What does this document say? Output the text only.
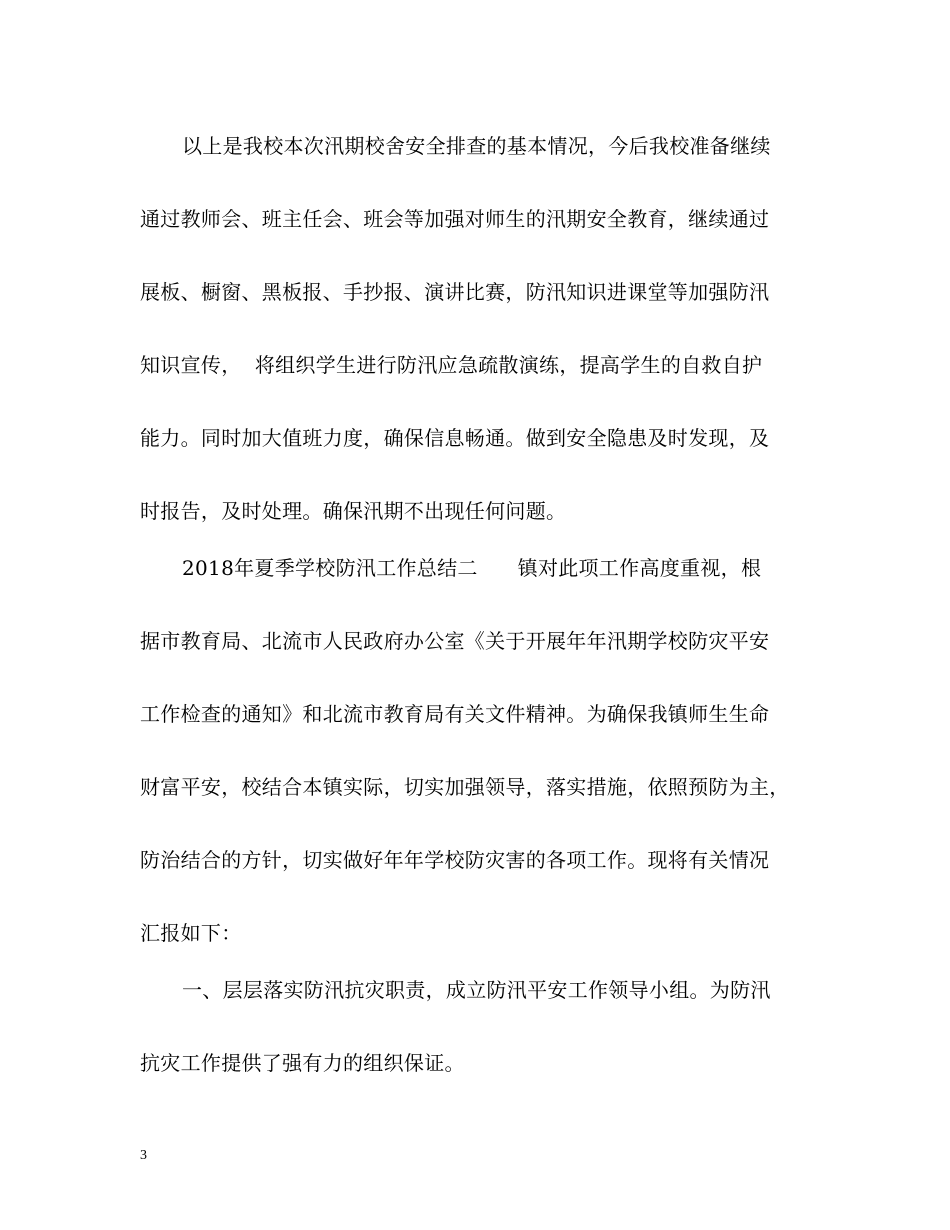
以上是我校本次汛期校舍安全排查的基本情况，今后我校准备继续
通过教师会、班主任会、班会等加强对师生的汛期安全教育，继续通过
展板、橱窗、黑板报、手抄报、演讲比赛，防汛知识进课堂等加强防汛
知识宣传，  将组织学生进行防汛应急疏散演练，提高学生的自救自护
能力。同时加大值班力度，确保信息畅通。做到安全隐患及时发现，及
时报告，及时处理。确保汛期不出现任何问题。
2018年夏季学校防汛工作总结二      镇对此项工作高度重视，根
据市教育局、北流市人民政府办公室《关于开展年年汛期学校防灾平安
工作检查的通知》和北流市教育局有关文件精神。为确保我镇师生生命
财富平安，校结合本镇实际，切实加强领导，落实措施，依照预防为主，
防治结合的方针，切实做好年年学校防灾害的各项工作。现将有关情况
汇报如下：
一、层层落实防汛抗灾职责，成立防汛平安工作领导小组。为防汛
抗灾工作提供了强有力的组织保证。
3
